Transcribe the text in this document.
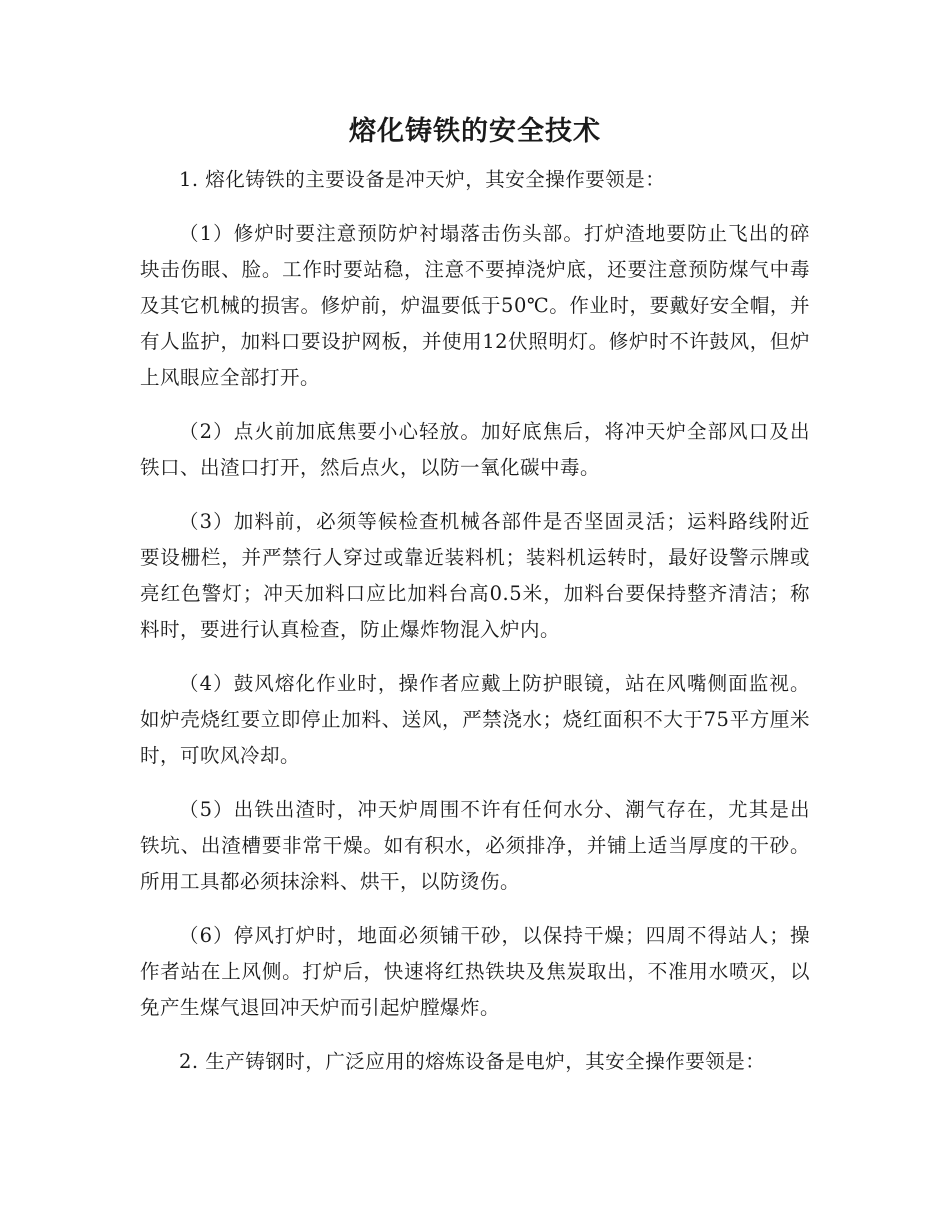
熔化铸铁的安全技术

1. 熔化铸铁的主要设备是冲天炉，其安全操作要领是：

（1）修炉时要注意预防炉衬塌落击伤头部。打炉渣地要防止飞出的碎块击伤眼、脸。工作时要站稳，注意不要掉浇炉底，还要注意预防煤气中毒及其它机械的损害。修炉前，炉温要低于50℃。作业时，要戴好安全帽，并有人监护，加料口要设护网板，并使用12伏照明灯。修炉时不许鼓风，但炉上风眼应全部打开。

（2）点火前加底焦要小心轻放。加好底焦后，将冲天炉全部风口及出铁口、出渣口打开，然后点火，以防一氧化碳中毒。

（3）加料前，必须等候检查机械各部件是否坚固灵活；运料路线附近要设栅栏，并严禁行人穿过或靠近装料机；装料机运转时，最好设警示牌或亮红色警灯；冲天加料口应比加料台高0.5米，加料台要保持整齐清洁；称料时，要进行认真检查，防止爆炸物混入炉内。

（4）鼓风熔化作业时，操作者应戴上防护眼镜，站在风嘴侧面监视。如炉壳烧红要立即停止加料、送风，严禁浇水；烧红面积不大于75平方厘米时，可吹风冷却。

（5）出铁出渣时，冲天炉周围不许有任何水分、潮气存在，尤其是出铁坑、出渣槽要非常干燥。如有积水，必须排净，并铺上适当厚度的干砂。所用工具都必须抹涂料、烘干，以防烫伤。

（6）停风打炉时，地面必须铺干砂，以保持干燥；四周不得站人；操作者站在上风侧。打炉后，快速将红热铁块及焦炭取出，不准用水喷灭，以免产生煤气退回冲天炉而引起炉膛爆炸。

2. 生产铸钢时，广泛应用的熔炼设备是电炉，其安全操作要领是：
